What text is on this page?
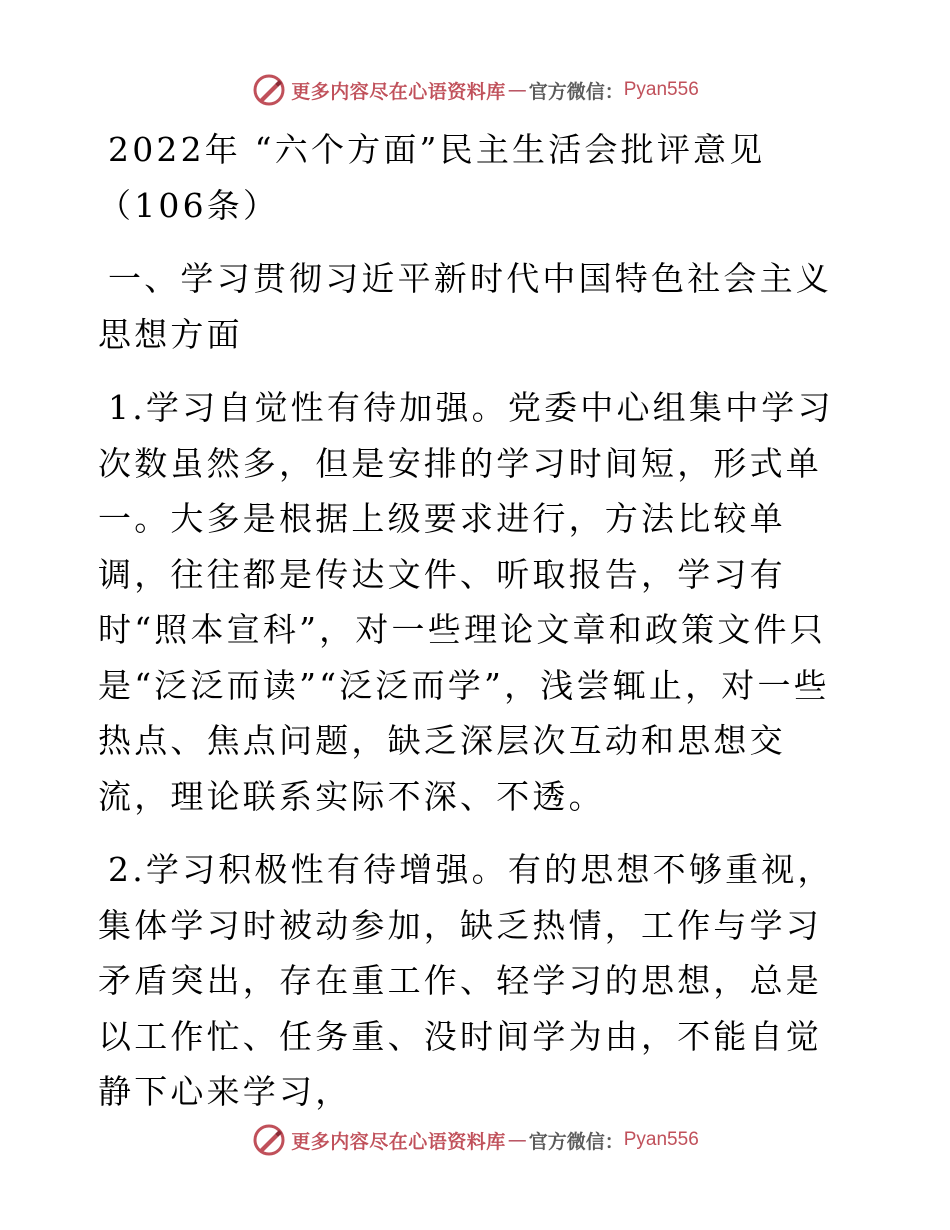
更多内容尽在心语资料库 — 官方微信： Pyan556

2022年 “六个方面”民主生活会批评意见（106条）

一、学习贯彻习近平新时代中国特色社会主义思想方面

1.学习自觉性有待加强。党委中心组集中学习次数虽然多，但是安排的学习时间短，形式单一。大多是根据上级要求进行，方法比较单调，往往都是传达文件、听取报告，学习有时“照本宣科”，对一些理论文章和政策文件只是“泛泛而读”“泛泛而学”，浅尝辄止，对一些热点、焦点问题，缺乏深层次互动和思想交流，理论联系实际不深、不透。

2.学习积极性有待增强。有的思想不够重视，集体学习时被动参加，缺乏热情，工作与学习矛盾突出，存在重工作、轻学习的思想，总是以工作忙、任务重、没时间学为由，不能自觉静下心来学习，

更多内容尽在心语资料库 — 官方微信： Pyan556
